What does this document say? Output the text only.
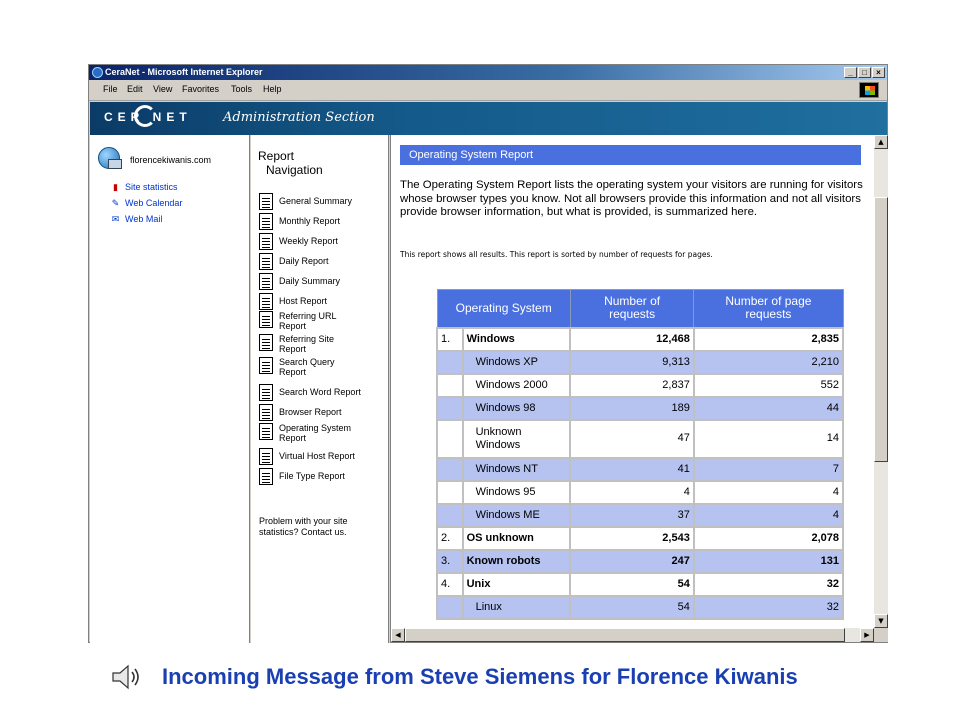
CeraNet - Microsoft Internet Explorer	_	□	×
File Edit View Favorites Tools Help
CER NET Administration Section
florencekiwanis.com
▮ Site statistics
✎ Web Calendar
✉ Web Mail
Report
Navigation
General Summary
Monthly Report
Weekly Report
Daily Report
Daily Summary
Host Report
Referring URL Report
Referring Site Report
Search Query Report
Search Word Report
Browser Report
Operating System Report
Virtual Host Report
File Type Report
Problem with your site statistics? Contact us.
Operating System Report
The Operating System Report lists the operating system your visitors are running for visitors whose browser types you know. Not all browsers provide this information and not all visitors provide browser information, but what is provided, is summarized here.
This report shows all results. This report is sorted by number of requests for pages.
Operating System		Number of requests	Number of page requests
1.	Windows	12,468	2,835
	Windows XP	9,313	2,210
	Windows 2000	2,837	552
	Windows 98	189	44
	Unknown Windows	47	14
	Windows NT	41	7
	Windows 95	4	4
	Windows ME	37	4
2.	OS unknown	2,543	2,078
3.	Known robots	247	131
4.	Unix	54	32
	Linux	54	32
▲
▼
◀	▶
Incoming Message from Steve Siemens for Florence Kiwanis
